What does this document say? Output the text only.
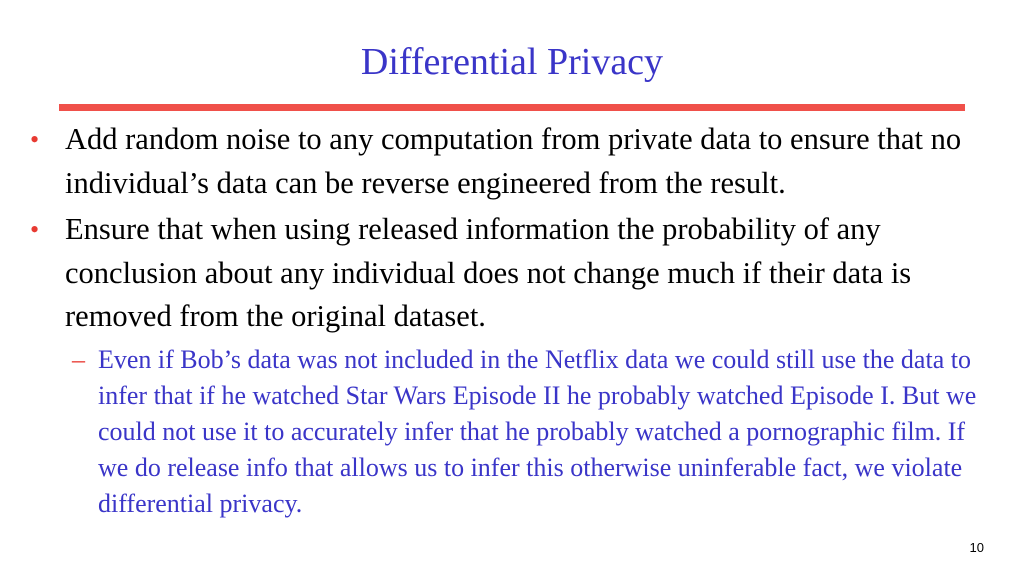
Differential Privacy
• Add random noise to any computation from private data to ensure that no individual’s data can be reverse engineered from the result.
• Ensure that when using released information the probability of any conclusion about any individual does not change much if their data is removed from the original dataset.
– Even if Bob’s data was not included in the Netflix data we could still use the data to infer that if he watched Star Wars Episode II he probably watched Episode I. But we could not use it to accurately infer that he probably watched a pornographic film. If we do release info that allows us to infer this otherwise uninferable fact, we violate differential privacy.
10
